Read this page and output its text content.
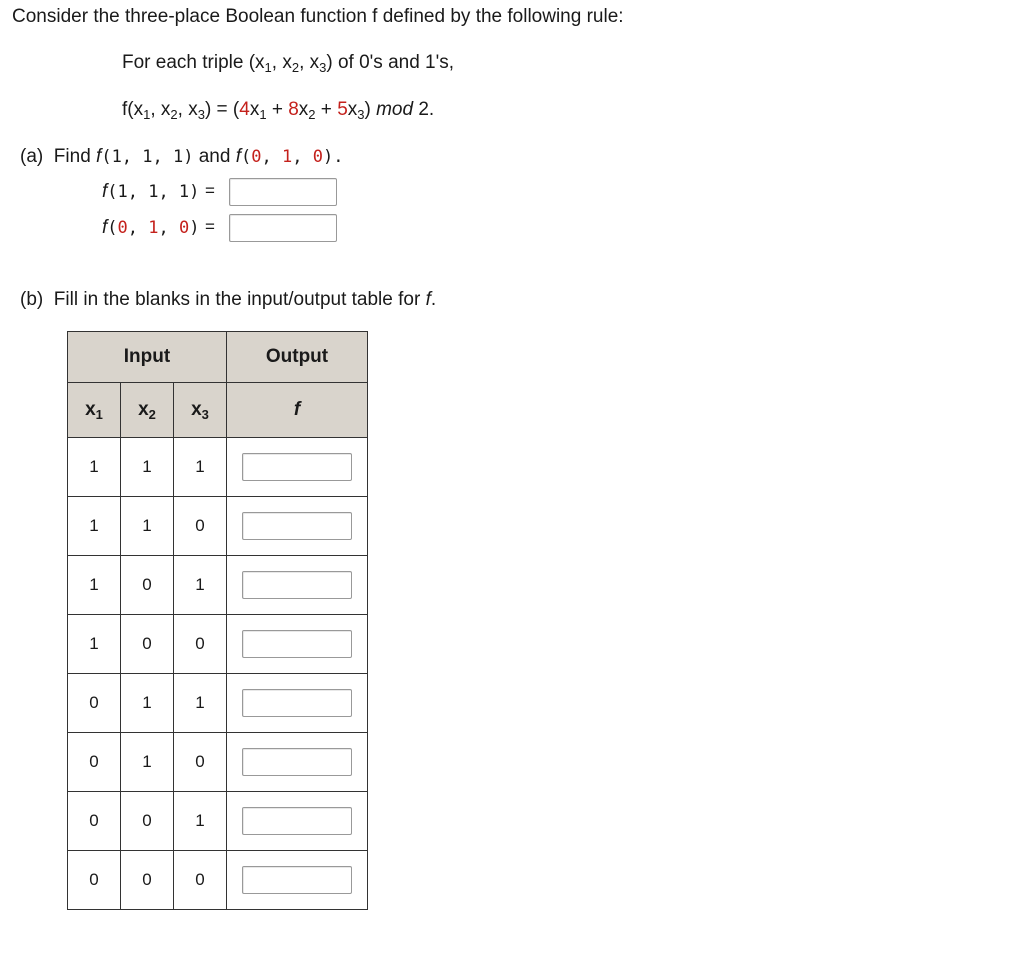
Consider the three-place Boolean function f defined by the following rule:
For each triple ($x_1$, $x_2$, $x_3$) of 0's and 1's,
$f(x_1$, $x_2$, $x_3) = (4x_1 + 8x_2 + 5x_3)$ mod 2.
(a) Find f(1, 1, 1) and f(0, 1, 0).
f(1, 1, 1) =
f(0, 1, 0) =
(b) Fill in the blanks in the input/output table for f.
Input			Output
$x_1$	$x_2$	$x_3$	f
1	1	1	

1	1	0	

1	0	1	

1	0	0	

0	1	1	

0	1	0	

0	0	1	

0	0	0	
